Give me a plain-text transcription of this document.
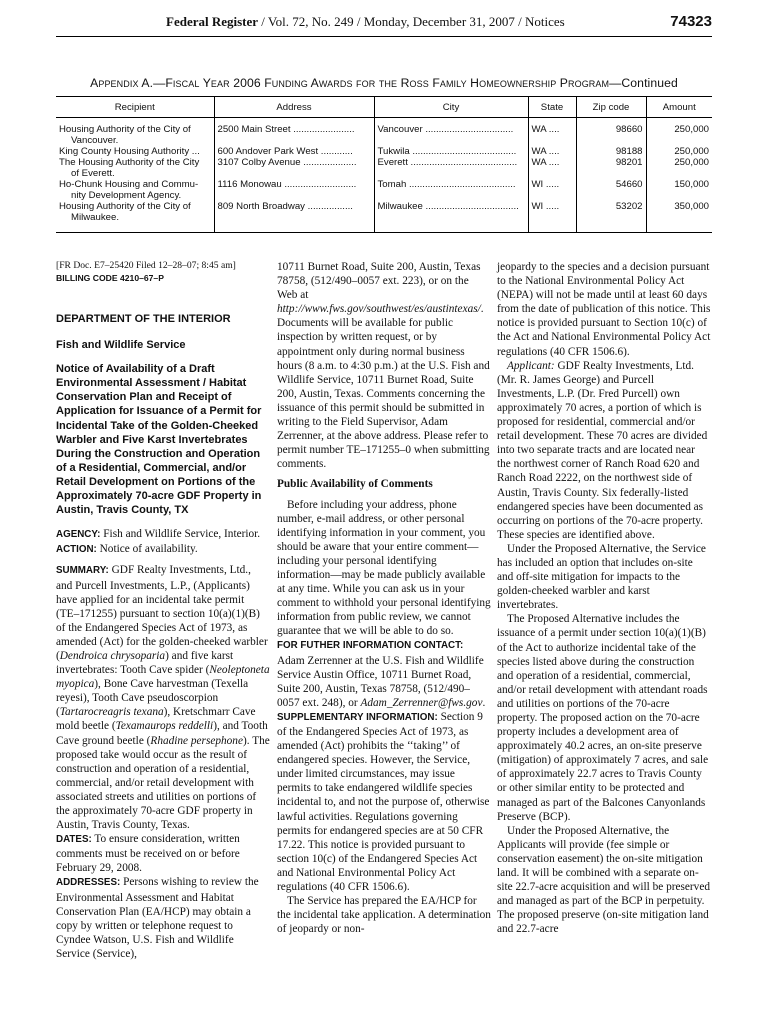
Federal Register / Vol. 72, No. 249 / Monday, December 31, 2007 / Notices	74323
Appendix A.—Fiscal Year 2006 Funding Awards for the Ross Family Homeownership Program—Continued
Recipient	Address	City	State	Zip code	Amount

Housing Authority of the City of
Vancouver.	2500 Main Street .......................	Vancouver .................................	WA ....	98660	250,000

King County Housing Authority ...	600 Andover Park West ............	Tukwila .......................................	WA ....	98188	250,000

The Housing Authority of the City
of Everett.	3107 Colby Avenue ....................	Everett ........................................	WA ....	98201	250,000

Ho-Chunk Housing and Commu-
nity Development Agency.	1116 Monowau ...........................	Tomah ........................................	WI .....	54660	150,000

Housing Authority of the City of
Milwaukee.	809 North Broadway .................	Milwaukee ...................................	WI .....	53202	350,000

[FR Doc. E7–25420 Filed 12–28–07; 8:45 am]

BILLING CODE 4210–67–P

DEPARTMENT OF THE INTERIOR

Fish and Wildlife Service

Notice of Availability of a Draft Environmental Assessment / Habitat Conservation Plan and Receipt of Application for Issuance of a Permit for Incidental Take of the Golden-Cheeked Warbler and Five Karst Invertebrates During the Construction and Operation of a Residential, Commercial, and/or Retail Development on Portions of the Approximately 70-acre GDF Property in Austin, Travis County, TX

AGENCY: Fish and Wildlife Service, Interior.

ACTION: Notice of availability.

SUMMARY: GDF Realty Investments, Ltd., and Purcell Investments, L.P., (Applicants) have applied for an incidental take permit (TE–171255) pursuant to section 10(a)(1)(B) of the Endangered Species Act of 1973, as amended (Act) for the golden-cheeked warbler (Dendroica chrysoparia) and five karst invertebrates: Tooth Cave spider (Neoleptoneta myopica), Bone Cave harvestman (Texella reyesi), Tooth Cave pseudoscorpion (Tartarocreagris texana), Kretschmarr Cave mold beetle (Texamaurops reddelli), and Tooth Cave ground beetle (Rhadine persephone). The proposed take would occur as the result of construction and operation of a residential, commercial, and/or retail development with associated streets and utilities on portions of the approximately 70-acre GDF property in Austin, Travis County, Texas.

DATES: To ensure consideration, written comments must be received on or before February 29, 2008.

ADDRESSES: Persons wishing to review the Environmental Assessment and Habitat Conservation Plan (EA/HCP) may obtain a copy by written or telephone request to Cyndee Watson, U.S. Fish and Wildlife Service (Service),

10711 Burnet Road, Suite 200, Austin, Texas 78758, (512/490–0057 ext. 223), or on the Web at http://www.fws.gov/southwest/es/austintexas/. Documents will be available for public inspection by written request, or by appointment only during normal business hours (8 a.m. to 4:30 p.m.) at the U.S. Fish and Wildlife Service, 10711 Burnet Road, Suite 200, Austin, Texas. Comments concerning the issuance of this permit should be submitted in writing to the Field Supervisor, Adam Zerrenner, at the above address. Please refer to permit number TE–171255–0 when submitting comments.

Public Availability of Comments

Before including your address, phone number, e-mail address, or other personal identifying information in your comment, you should be aware that your entire comment—including your personal identifying information—may be made publicly available at any time. While you can ask us in your comment to withhold your personal identifying information from public review, we cannot guarantee that we will be able to do so.

FOR FUTHER INFORMATION CONTACT: Adam Zerrenner at the U.S. Fish and Wildlife Service Austin Office, 10711 Burnet Road, Suite 200, Austin, Texas 78758, (512/490–0057 ext. 248), or Adam_Zerrenner@fws.gov.

SUPPLEMENTARY INFORMATION: Section 9 of the Endangered Species Act of 1973, as amended (Act) prohibits the ‘‘taking’’ of endangered species. However, the Service, under limited circumstances, may issue permits to take endangered wildlife species incidental to, and not the purpose of, otherwise lawful activities. Regulations governing permits for endangered species are at 50 CFR 17.22. This notice is provided pursuant to section 10(c) of the Endangered Species Act and National Environmental Policy Act regulations (40 CFR 1506.6).

The Service has prepared the EA/HCP for the incidental take application. A determination of jeopardy or non-

jeopardy to the species and a decision pursuant to the National Environmental Policy Act (NEPA) will not be made until at least 60 days from the date of publication of this notice. This notice is provided pursuant to Section 10(c) of the Act and National Environmental Policy Act regulations (40 CFR 1506.6).

Applicant: GDF Realty Investments, Ltd. (Mr. R. James George) and Purcell Investments, L.P. (Dr. Fred Purcell) own approximately 70 acres, a portion of which is proposed for residential, commercial and/or retail development. These 70 acres are divided into two separate tracts and are located near the northwest corner of Ranch Road 620 and Ranch Road 2222, on the northwest side of Austin, Travis County. Six federally-listed endangered species have been documented as occurring on portions of the 70-acre property. These species are identified above.

Under the Proposed Alternative, the Service has included an option that includes on-site and off-site mitigation for impacts to the golden-cheeked warbler and karst invertebrates.

The Proposed Alternative includes the issuance of a permit under section 10(a)(1)(B) of the Act to authorize incidental take of the species listed above during the construction and operation of a residential, commercial, and/or retail development with attendant roads and utilities on portions of the 70-acre property. The proposed action on the 70-acre property includes a development area of approximately 40.2 acres, an on-site preserve (mitigation) of approximately 7 acres, and sale of approximately 22.7 acres to Travis County or other similar entity to be protected and managed as part of the Balcones Canyonlands Preserve (BCP).

Under the Proposed Alternative, the Applicants will provide (fee simple or conservation easement) the on-site mitigation land. It will be combined with a separate on-site 22.7-acre acquisition and will be preserved and managed as part of the BCP in perpetuity. The proposed preserve (on-site mitigation land and 22.7-acre
